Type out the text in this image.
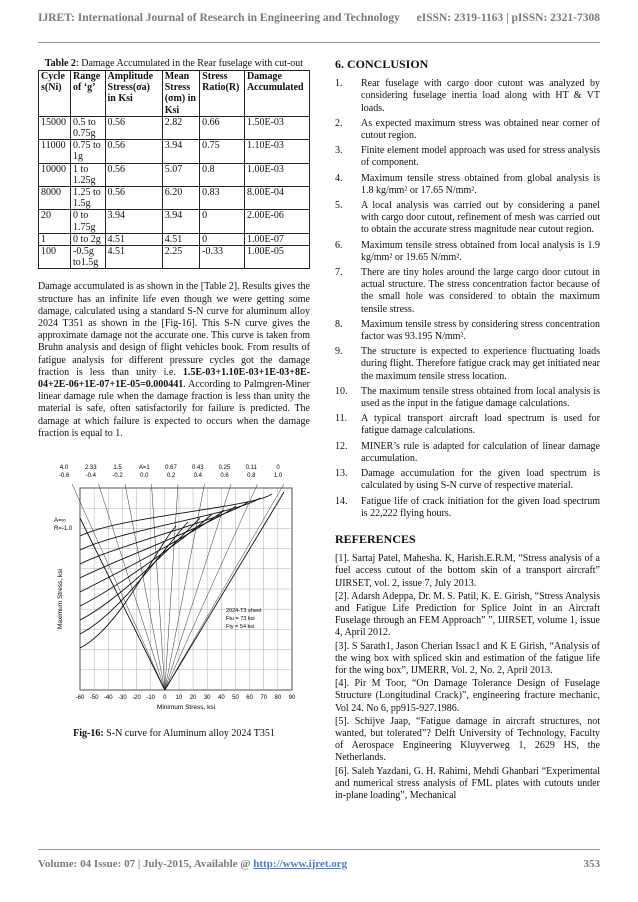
IJRET: International Journal of Research in Engineering and Technology eISSN: 2319-1163 | pISSN: 2321-7308
Table 2: Damage Accumulated in the Rear fuselage with cut-out
Cycle s(Ni)	Range of ‘g’	Amplitude Stress(σa) in Ksi	Mean Stress (σm) in Ksi	Stress Ratio(R)	Damage Accumulated
15000	0.5 to 0.75g	0.56	2.82	0.66	1.50E-03
11000	0.75 to 1g	0.56	3.94	0.75	1.10E-03
10000	1 to 1.25g	0.56	5.07	0.8	1.00E-03
8000	1.25 to 1.5g	0.56	6.20	0.83	8.00E-04
20	0 to 1.75g	3.94	3.94	0	2.00E-06
1	0 to 2g	4.51	4.51	0	1.00E-07
100	-0.5g to1.5g	4.51	2.25	-0.33	1.00E-05

Damage accumulated is as shown in the [Table 2]. Results gives the structure has an infinite life even though we were getting some damage, calculated using a standard S-N curve for aluminum alloy 2024 T351 as shown in the [Fig-16]. This S-N curve gives the approximate damage not the accurate one. This curve is taken from Bruhn analysis and design of flight vehicles book. From results of fatigue analysis for different pressure cycles got the damage fraction is less than unity i.e. 1.5E-03+1.10E-03+1E-03+8E-04+2E-06+1E-07+1E-05=0.000441. According to Palmgren-Miner linear damage rule when the damage fraction is less than unity the material is safe, often satisfactorily for failure is predicted. The damage at which failure is expected to occurs when the damage fraction is equal to 1.

-60 -50 -40 -30 -20 -10 0 10 20 30 40 50 60 70 80 90
4.0
-0.6
2.33
-0.4
1.5
-0.2
A=1
0.0
0.67
0.2
0.43
0.4
0.25
0.6
0.11
0.8
0
1.0
A=∞
R=-1.0
Minimum Stress, ksi
Maximum Stress, ksi	2024-T3 sheet
Ftu = 73 ksi
Fty = 54 ksi
Fig-16: S-N curve for Aluminum alloy 2024 T351
6. CONCLUSION
1.	Rear fuselage with cargo door cutout was analyzed by considering fuselage inertia load along with HT & VT loads.
2.	As expected maximum stress was obtained near corner of cutout region.
3.	Finite element model approach was used for stress analysis of component.
4.	Maximum tensile stress obtained from global analysis is 1.8 kg/mm² or 17.65 N/mm².
5.	A local analysis was carried out by considering a panel with cargo door cutout, refinement of mesh was carried out to obtain the accurate stress magnitude near cutout region.
6.	Maximum tensile stress obtained from local analysis is 1.9 kg/mm² or 19.65 N/mm².
7.	There are tiny holes around the large cargo door cutout in actual structure. The stress concentration factor because of the small hole was considered to obtain the maximum tensile stress.
8.	Maximum tensile stress by considering stress concentration factor was 93.195 N/mm².
9.	The structure is expected to experience fluctuating loads during flight. Therefore fatigue crack may get initiated near the maximum tensile stress location.
10.	The maximum tensile stress obtained from local analysis is used as the input in the fatigue damage calculations.
11.	A typical transport aircraft load spectrum is used for fatigue damage calculations.
12.	MINER’s rule is adapted for calculation of linear damage accumulation.
13.	Damage accumulation for the given load spectrum is calculated by using S-N curve of respective material.
14.	Fatigue life of crack initiation for the given load spectrum is 22,222 flying hours.
REFERENCES

[1]. Sartaj Patel, Mahesha. K, Harish.E.R.M, “Stress analysis of a fuel access cutout of the bottom skin of a transport aircraft” IJIRSET, vol. 2, issue 7, July 2013.

[2]. Adarsh Adeppa, Dr. M. S. Patil, K. E. Girish, “Stress Analysis and Fatigue Life Prediction for Splice Joint in an Aircraft Fuselage through an FEM Approach” ”, IJIRSET, volume 1, issue 4, April 2012.

[3]. S Sarath1, Jason Cherian Issac1 and K E Girish, “Analysis of the wing box with spliced skin and estimation of the fatigue life for the wing box”, IJMERR, Vol. 2, No. 2, April 2013.

[4]. Pir M Toor, “On Damage Tolerance Design of Fuselage Structure (Longitudinal Crack)”, engineering fracture mechanic, Vol 24. No 6, pp915-927.1986.

[5]. Schijve Jaap, “Fatigue damage in aircraft structures, not wanted, but tolerated”? Delft University of Technology, Faculty of Aerospace Engineering Kluyverweg 1, 2629 HS, the Netherlands.

[6]. Saleh Yazdani, G. H. Rahimi, Mehdi Ghanbari “Experimental and numerical stress analysis of FML plates with cutouts under in-plane loading”, Mechanical

Volume: 04 Issue: 07 | July-2015, Available @ http://www.ijret.org	353
